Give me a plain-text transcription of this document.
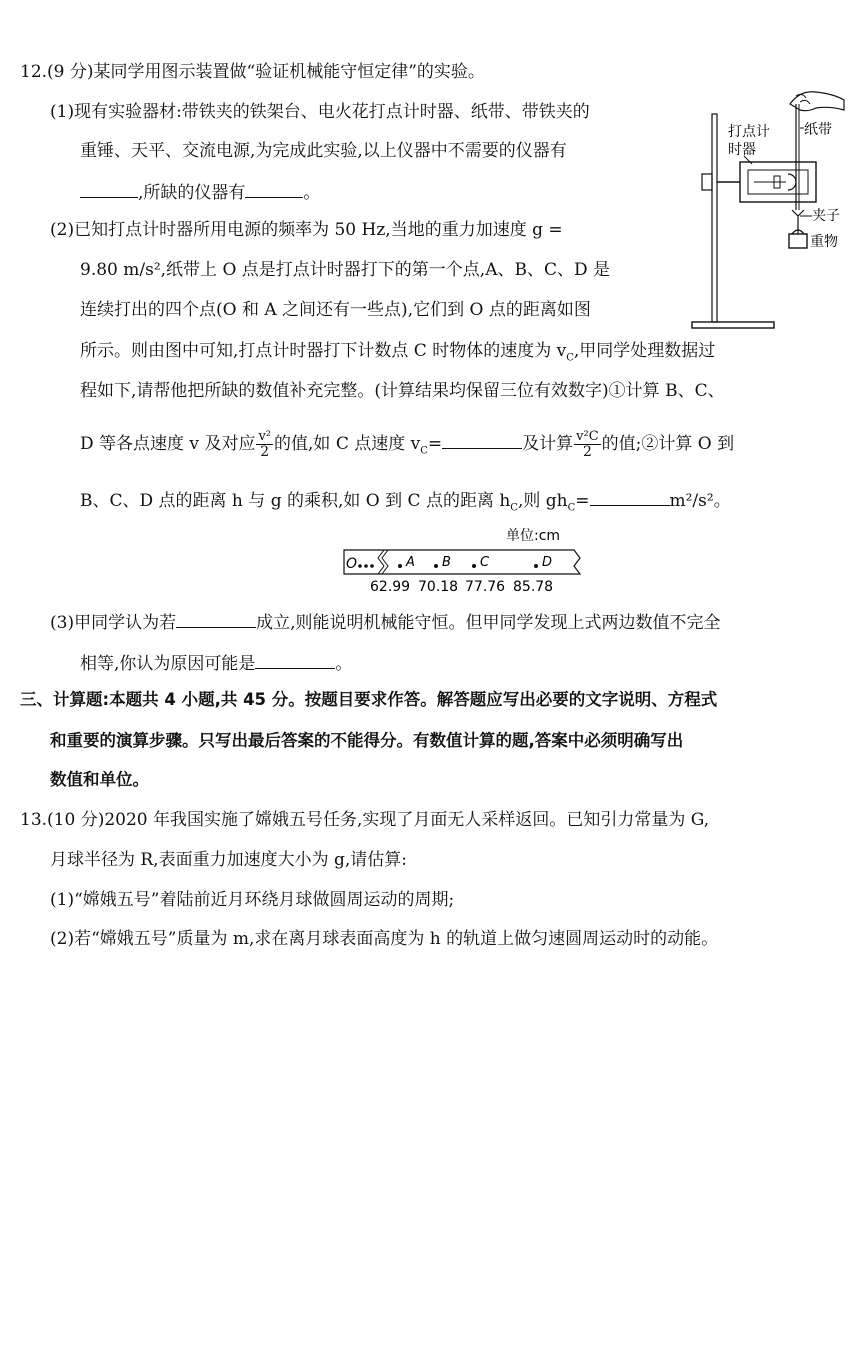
12.(9 分)某同学用图示装置做“验证机械能守恒定律”的实验。
(1)现有实验器材:带铁夹的铁架台、电火花打点计时器、纸带、带铁夹的
重锤、天平、交流电源,为完成此实验,以上仪器中不需要的仪器有
,所缺的仪器有	。
(2)已知打点计时器所用电源的频率为 50 Hz,当地的重力加速度 g =
9.80 m/s²,纸带上 O 点是打点计时器打下的第一个点,A、B、C、D 是
连续打出的四个点(O 和 A 之间还有一些点),它们到 O 点的距离如图
所示。则由图中可知,打点计时器打下计数点 C 时物体的速度为 $v_C$,甲同学处理数据过
程如下,请帮他把所缺的数值补充完整。(计算结果均保留三位有效数字)①计算 B、C、
D 等各点速度 v 及对应 $\frac{\text{v²}}{2}$ 的值,如 C 点速度 $v_C=$	及计算 $\frac{\text{v²C}}{2}$ 的值;②计算 O 到
B、C、D 点的距离 h 与 g 的乘积,如 O 到 C 点的距离 $h_C$,则 $gh_C=$	m²/s²。
单位:cm
O	A B C	D
62.99 70.18 77.76 85.78
(3)甲同学认为若	成立,则能说明机械能守恒。但甲同学发现上式两边数值不完全
相等,你认为原因可能是	。
打点计
时器
纸带
夹子
重物
三、计算题:本题共 4 小题,共 45 分。按题目要求作答。解答题应写出必要的文字说明、方程式
和重要的演算步骤。只写出最后答案的不能得分。有数值计算的题,答案中必须明确写出
数值和单位。
13.(10 分)2020 年我国实施了嫦娥五号任务,实现了月面无人采样返回。已知引力常量为 G,
月球半径为 R,表面重力加速度大小为 g,请估算:
(1)“嫦娥五号”着陆前近月环绕月球做圆周运动的周期;
(2)若“嫦娥五号”质量为 m,求在离月球表面高度为 h 的轨道上做匀速圆周运动时的动能。
